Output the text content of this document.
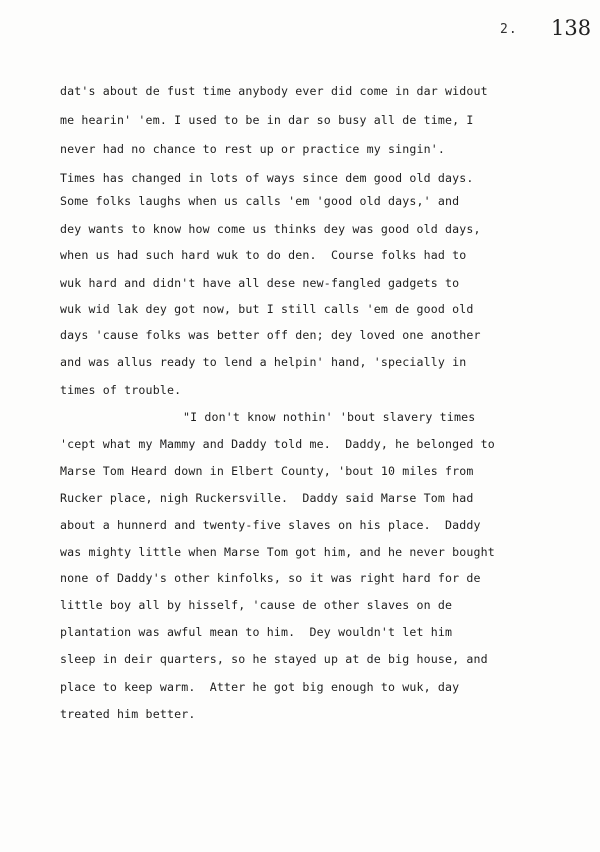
2. 138
dat's about de fust time anybody ever did come in dar widout
me hearin' 'em. I used to be in dar so busy all de time, I
never had no chance to rest up or practice my singin'.
Times has changed in lots of ways since dem good old days.
Some folks laughs when us calls 'em 'good old days,' and
dey wants to know how come us thinks dey was good old days,
when us had such hard wuk to do den.  Course folks had to
wuk hard and didn't have all dese new-fangled gadgets to
wuk wid lak dey got now, but I still calls 'em de good old
days 'cause folks was better off den; dey loved one another
and was allus ready to lend a helpin' hand, 'specially in
times of trouble.
"I don't know nothin' 'bout slavery times
'cept what my Mammy and Daddy told me.  Daddy, he belonged to
Marse Tom Heard down in Elbert County, 'bout 10 miles from
Rucker place, nigh Ruckersville.  Daddy said Marse Tom had
about a hunnerd and twenty-five slaves on his place.  Daddy
was mighty little when Marse Tom got him, and he never bought
none of Daddy's other kinfolks, so it was right hard for de
little boy all by hisself, 'cause de other slaves on de
plantation was awful mean to him.  Dey wouldn't let him
sleep in deir quarters, so he stayed up at de big house, and
place to keep warm.  Atter he got big enough to wuk, day
treated him better.
